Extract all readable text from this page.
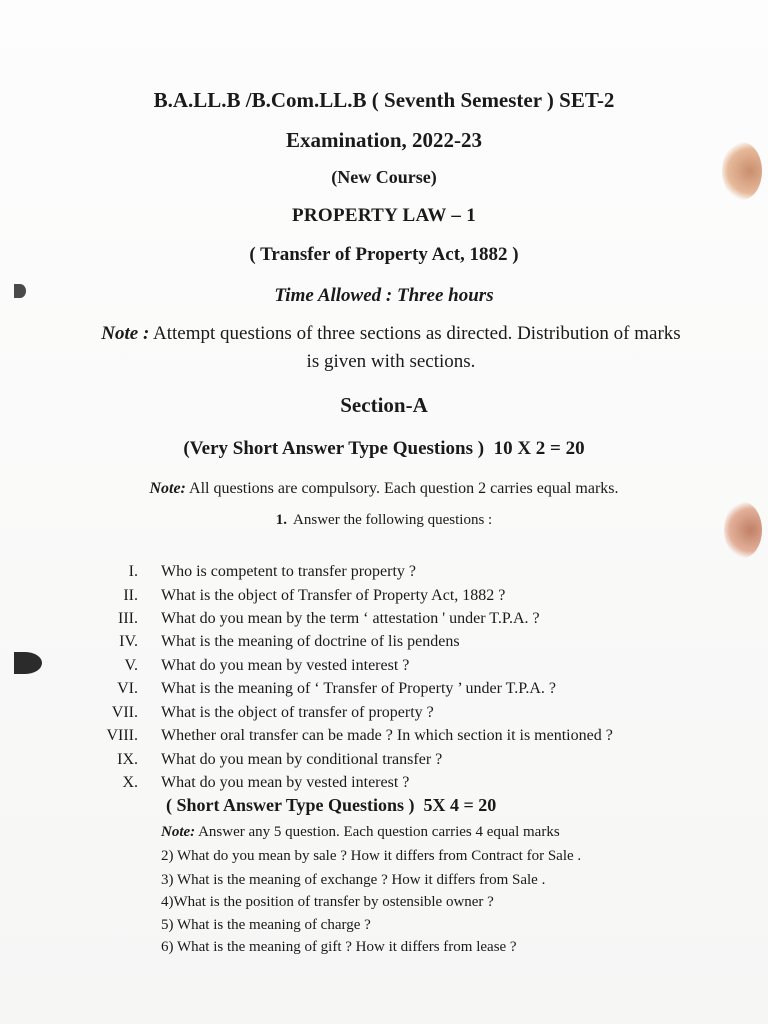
B.A.LL.B /B.Com.LL.B ( Seventh Semester ) SET-2
Examination, 2022-23
(New Course)
PROPERTY LAW – 1
( Transfer of Property Act, 1882 )
Time Allowed : Three hours
Note : Attempt questions of three sections as directed. Distribution of marks is given with sections.
Section-A
(Very Short Answer Type Questions ) 10 X 2 = 20
Note: All questions are compulsory. Each question 2 carries equal marks.
1. Answer the following questions :
I. Who is competent to transfer property ?
II. What is the object of Transfer of Property Act, 1882 ?
III. What do you mean by the term ‘ attestation ' under T.P.A. ?
IV. What is the meaning of doctrine of lis pendens
V. What do you mean by vested interest ?
VI. What is the meaning of ‘ Transfer of Property ’ under T.P.A. ?
VII. What is the object of transfer of property ?
VIII. Whether oral transfer can be made ? In which section it is mentioned ?
IX. What do you mean by conditional transfer ?
X. What do you mean by vested interest ?
( Short Answer Type Questions ) 5X 4 = 20
Note: Answer any 5 question. Each question carries 4 equal marks
2) What do you mean by sale ? How it differs from Contract for Sale .
3) What is the meaning of exchange ? How it differs from Sale .
4)What is the position of transfer by ostensible owner ?
5) What is the meaning of charge ?
6) What is the meaning of gift ? How it differs from lease ?
